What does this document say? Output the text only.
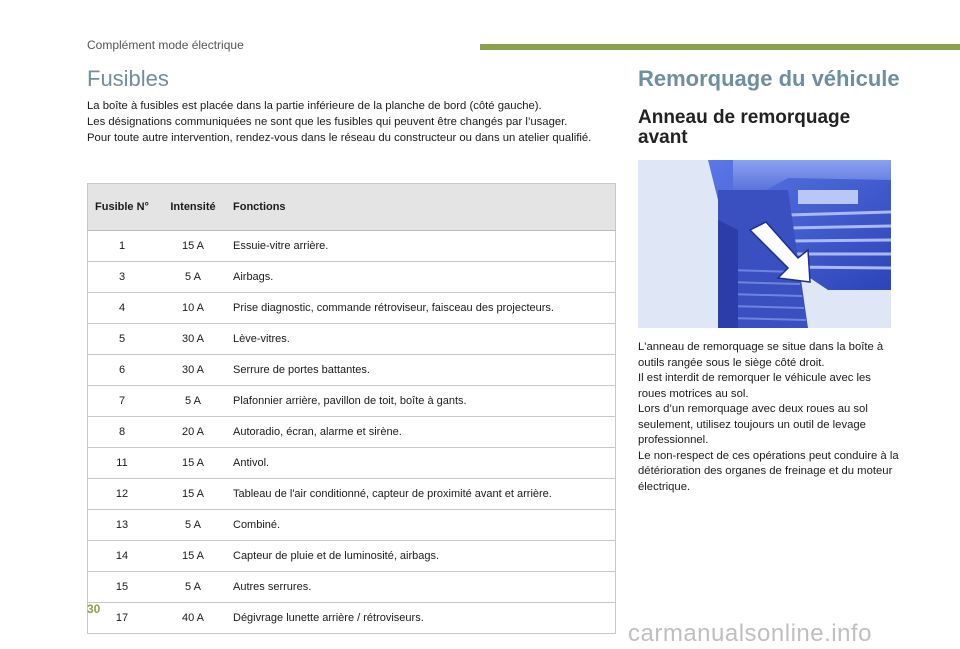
Complément mode électrique
Fusibles

La boîte à fusibles est placée dans la partie inférieure de la planche de bord (côté gauche).

Les désignations communiquées ne sont que les fusibles qui peuvent être changés par l’usager.

Pour toute autre intervention, rendez-vous dans le réseau du constructeur ou dans un atelier qualifié.

Fusible N°	Intensité	Fonctions
1	15 A	Essuie-vitre arrière.
3	5 A	Airbags.
4	10 A	Prise diagnostic, commande rétroviseur, faisceau des projecteurs.
5	30 A	Lève-vitres.
6	30 A	Serrure de portes battantes.
7	5 A	Plafonnier arrière, pavillon de toit, boîte à gants.
8	20 A	Autoradio, écran, alarme et sirène.
11	15 A	Antivol.
12	15 A	Tableau de l'air conditionné, capteur de proximité avant et arrière.
13	5 A	Combiné.
14	15 A	Capteur de pluie et de luminosité, airbags.
15	5 A	Autres serrures.
17	40 A	Dégivrage lunette arrière / rétroviseurs.
Remorquage du véhicule
Anneau de remorquage avant

L'anneau de remorquage se situe dans la boîte à outils rangée sous le siège côté droit.

Il est interdit de remorquer le véhicule avec les roues motrices au sol.

Lors d’un remorquage avec deux roues au sol seulement, utilisez toujours un outil de levage professionnel.

Le non-respect de ces opérations peut conduire à la détérioration des organes de freinage et du moteur électrique.

30
carmanualsonline.info
